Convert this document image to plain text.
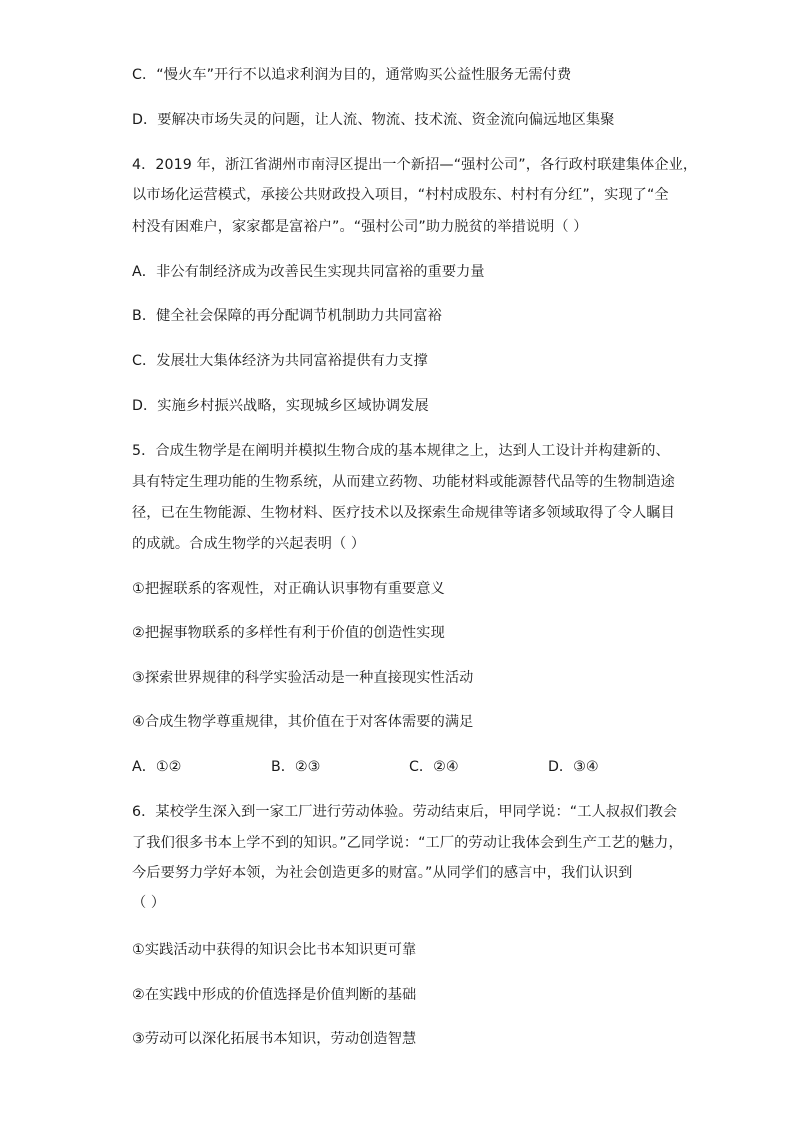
C．“慢火车”开行不以追求利润为目的，通常购买公益性服务无需付费
D．要解决市场失灵的问题，让人流、物流、技术流、资金流向偏远地区集聚
4．2019 年，浙江省湖州市南浔区提出一个新招—“强村公司”，各行政村联建集体企业，
以市场化运营模式，承接公共财政投入项目，“村村成股东、村村有分红”，实现了“全
村没有困难户，家家都是富裕户”。“强村公司”助力脱贫的举措说明（ ）
A．非公有制经济成为改善民生实现共同富裕的重要力量
B．健全社会保障的再分配调节机制助力共同富裕
C．发展壮大集体经济为共同富裕提供有力支撑
D．实施乡村振兴战略，实现城乡区域协调发展
5．合成生物学是在阐明并模拟生物合成的基本规律之上，达到人工设计并构建新的、
具有特定生理功能的生物系统，从而建立药物、功能材料或能源替代品等的生物制造途
径，已在生物能源、生物材料、医疗技术以及探索生命规律等诸多领域取得了令人瞩目
的成就。合成生物学的兴起表明（ ）
①把握联系的客观性，对正确认识事物有重要意义
②把握事物联系的多样性有利于价值的创造性实现
③探索世界规律的科学实验活动是一种直接现实性活动
④合成生物学尊重规律，其价值在于对客体需要的满足
A．①②	B．②③	C．②④	D．③④
6．某校学生深入到一家工厂进行劳动体验。劳动结束后，甲同学说：“工人叔叔们教会
了我们很多书本上学不到的知识。”乙同学说：“工厂的劳动让我体会到生产工艺的魅力，
今后要努力学好本领，为社会创造更多的财富。”从同学们的感言中，我们认识到
（ ）
①实践活动中获得的知识会比书本知识更可靠
②在实践中形成的价值选择是价值判断的基础
③劳动可以深化拓展书本知识，劳动创造智慧
